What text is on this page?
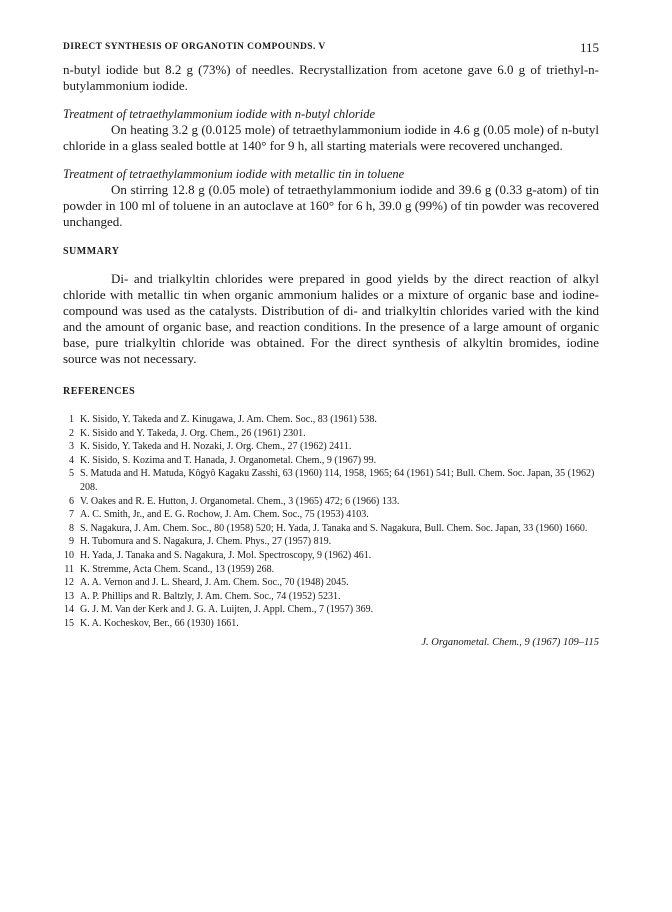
DIRECT SYNTHESIS OF ORGANOTIN COMPOUNDS. V	115

n-butyl iodide but 8.2 g (73%) of needles. Recrystallization from acetone gave 6.0 g of triethyl-n-butylammonium iodide.

Treatment of tetraethylammonium iodide with n-butyl chloride

On heating 3.2 g (0.0125 mole) of tetraethylammonium iodide in 4.6 g (0.05 mole) of n-butyl chloride in a glass sealed bottle at 140° for 9 h, all starting materials were recovered unchanged.

Treatment of tetraethylammonium iodide with metallic tin in toluene

On stirring 12.8 g (0.05 mole) of tetraethylammonium iodide and 39.6 g (0.33 g-atom) of tin powder in 100 ml of toluene in an autoclave at 160° for 6 h, 39.0 g (99%) of tin powder was recovered unchanged.

SUMMARY

Di- and trialkyltin chlorides were prepared in good yields by the direct reaction of alkyl chloride with metallic tin when organic ammonium halides or a mixture of organic base and iodine-compound was used as the catalysts. Distribution of di- and trialkyltin chlorides varied with the kind and the amount of organic base, and reaction conditions. In the presence of a large amount of organic base, pure trialkyltin chloride was obtained. For the direct synthesis of alkyltin bromides, iodine source was not necessary.

REFERENCES

1 K. Sisido, Y. Takeda and Z. Kinugawa, J. Am. Chem. Soc., 83 (1961) 538.
2 K. Sisido and Y. Takeda, J. Org. Chem., 26 (1961) 2301.
3 K. Sisido, Y. Takeda and H. Nozaki, J. Org. Chem., 27 (1962) 2411.
4 K. Sisido, S. Kozima and T. Hanada, J. Organometal. Chem., 9 (1967) 99.
5 S. Matuda and H. Matuda, Kôgyô Kagaku Zasshi, 63 (1960) 114, 1958, 1965; 64 (1961) 541; Bull. Chem. Soc. Japan, 35 (1962) 208.
6 V. Oakes and R. E. Hutton, J. Organometal. Chem., 3 (1965) 472; 6 (1966) 133.
7 A. C. Smith, Jr., and E. G. Rochow, J. Am. Chem. Soc., 75 (1953) 4103.
8 S. Nagakura, J. Am. Chem. Soc., 80 (1958) 520; H. Yada, J. Tanaka and S. Nagakura, Bull. Chem. Soc. Japan, 33 (1960) 1660.
9 H. Tubomura and S. Nagakura, J. Chem. Phys., 27 (1957) 819.
10 H. Yada, J. Tanaka and S. Nagakura, J. Mol. Spectroscopy, 9 (1962) 461.
11 K. Stremme, Acta Chem. Scand., 13 (1959) 268.
12 A. A. Vernon and J. L. Sheard, J. Am. Chem. Soc., 70 (1948) 2045.
13 A. P. Phillips and R. Baltzly, J. Am. Chem. Soc., 74 (1952) 5231.
14 G. J. M. Van der Kerk and J. G. A. Luijten, J. Appl. Chem., 7 (1957) 369.
15 K. A. Kocheskov, Ber., 66 (1930) 1661.
J. Organometal. Chem., 9 (1967) 109–115
